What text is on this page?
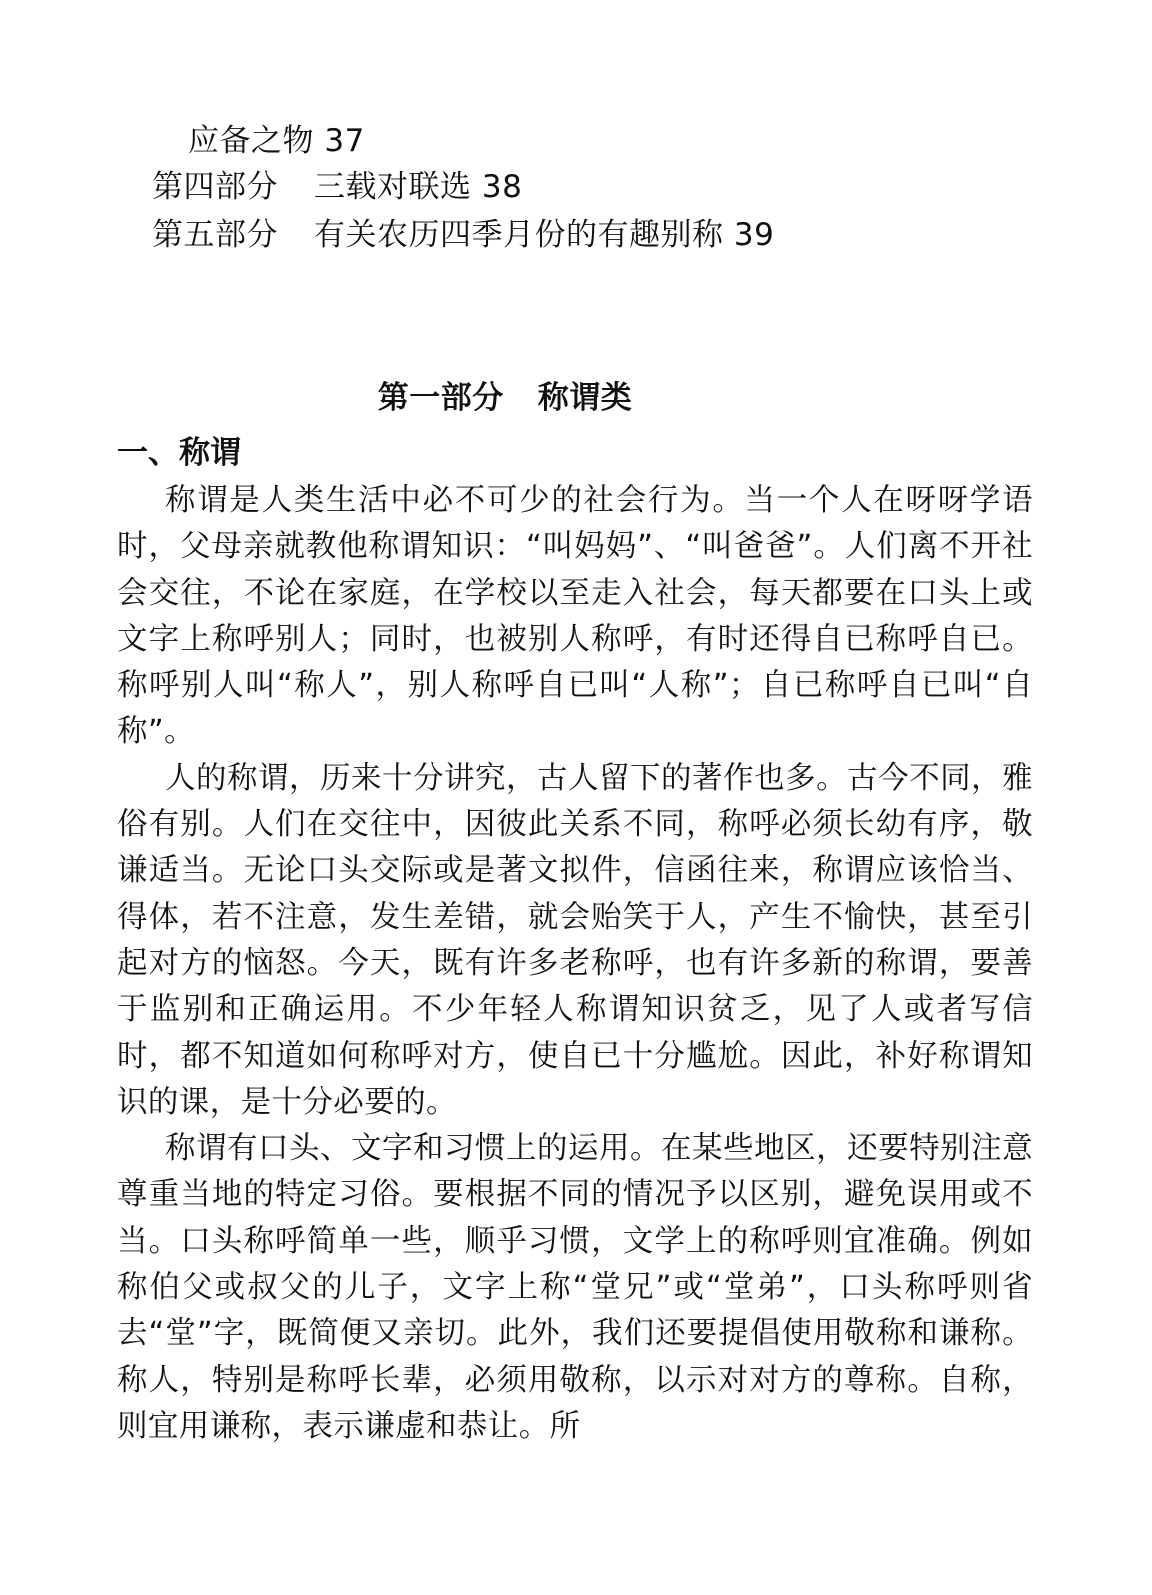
应备之物 37
第四部分 三载对联选 38
第五部分 有关农历四季月份的有趣别称 39
第一部分 称谓类
一、称谓

称谓是人类生活中必不可少的社会行为。当一个人在呀呀学语时，父母亲就教他称谓知识：“叫妈妈”、“叫爸爸”。人们离不开社会交往，不论在家庭，在学校以至走入社会，每天都要在口头上或文字上称呼别人；同时，也被别人称呼，有时还得自已称呼自已。称呼别人叫“称人”，别人称呼自已叫“人称”；自已称呼自已叫“自称”。

人的称谓，历来十分讲究，古人留下的著作也多。古今不同，雅俗有别。人们在交往中，因彼此关系不同，称呼必须长幼有序，敬谦适当。无论口头交际或是著文拟件，信函往来，称谓应该恰当、得体，若不注意，发生差错，就会贻笑于人，产生不愉快，甚至引起对方的恼怒。今天，既有许多老称呼，也有许多新的称谓，要善于监别和正确运用。不少年轻人称谓知识贫乏，见了人或者写信时，都不知道如何称呼对方，使自已十分尴尬。因此，补好称谓知识的课，是十分必要的。

称谓有口头、文字和习惯上的运用。在某些地区，还要特别注意尊重当地的特定习俗。要根据不同的情况予以区别，避免误用或不当。口头称呼简单一些，顺乎习惯，文学上的称呼则宜准确。例如称伯父或叔父的儿子，文字上称“堂兄”或“堂弟”，口头称呼则省去“堂”字，既简便又亲切。此外，我们还要提倡使用敬称和谦称。称人，特别是称呼长辈，必须用敬称，以示对对方的尊称。自称，则宜用谦称，表示谦虚和恭让。所
